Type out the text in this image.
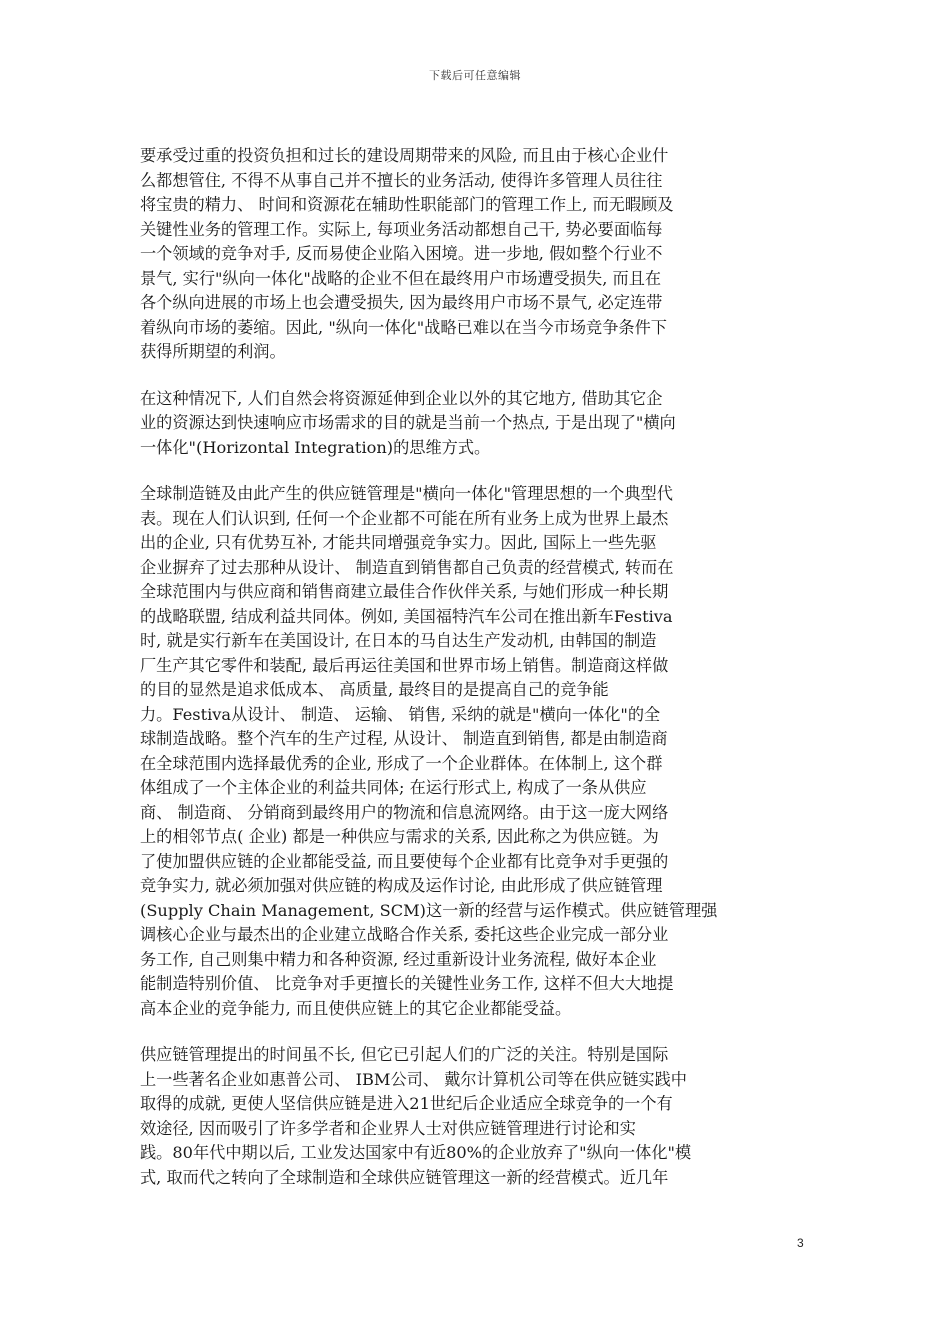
下载后可任意编辑
要承受过重的投资负担和过长的建设周期带来的风险, 而且由于核心企业什
么都想管住, 不得不从事自己并不擅长的业务活动, 使得许多管理人员往往
将宝贵的精力、 时间和资源花在辅助性职能部门的管理工作上, 而无暇顾及
关键性业务的管理工作。实际上, 每项业务活动都想自己干, 势必要面临每
一个领域的竞争对手, 反而易使企业陷入困境。进一步地, 假如整个行业不
景气, 实行"纵向一体化"战略的企业不但在最终用户市场遭受损失, 而且在
各个纵向进展的市场上也会遭受损失, 因为最终用户市场不景气, 必定连带
着纵向市场的萎缩。因此, "纵向一体化"战略已难以在当今市场竞争条件下
获得所期望的利润。
在这种情况下, 人们自然会将资源延伸到企业以外的其它地方, 借助其它企
业的资源达到快速响应市场需求的目的就是当前一个热点, 于是出现了"横向
一体化"(Horizontal Integration)的思维方式。
全球制造链及由此产生的供应链管理是"横向一体化"管理思想的一个典型代
表。现在人们认识到, 任何一个企业都不可能在所有业务上成为世界上最杰
出的企业, 只有优势互补, 才能共同增强竞争实力。因此, 国际上一些先驱
企业摒弃了过去那种从设计、 制造直到销售都自己负责的经营模式, 转而在
全球范围内与供应商和销售商建立最佳合作伙伴关系, 与她们形成一种长期
的战略联盟, 结成利益共同体。例如, 美国福特汽车公司在推出新车Festiva
时, 就是实行新车在美国设计, 在日本的马自达生产发动机, 由韩国的制造
厂生产其它零件和装配, 最后再运往美国和世界市场上销售。制造商这样做
的目的显然是追求低成本、 高质量, 最终目的是提高自己的竞争能
力。Festiva从设计、 制造、 运输、 销售, 采纳的就是"横向一体化"的全
球制造战略。整个汽车的生产过程, 从设计、 制造直到销售, 都是由制造商
在全球范围内选择最优秀的企业, 形成了一个企业群体。在体制上, 这个群
体组成了一个主体企业的利益共同体; 在运行形式上, 构成了一条从供应
商、 制造商、 分销商到最终用户的物流和信息流网络。由于这一庞大网络
上的相邻节点( 企业) 都是一种供应与需求的关系, 因此称之为供应链。为
了使加盟供应链的企业都能受益, 而且要使每个企业都有比竞争对手更强的
竞争实力, 就必须加强对供应链的构成及运作讨论, 由此形成了供应链管理
(Supply Chain Management, SCM)这一新的经营与运作模式。供应链管理强
调核心企业与最杰出的企业建立战略合作关系, 委托这些企业完成一部分业
务工作, 自己则集中精力和各种资源, 经过重新设计业务流程, 做好本企业
能制造特别价值、 比竞争对手更擅长的关键性业务工作, 这样不但大大地提
高本企业的竞争能力, 而且使供应链上的其它企业都能受益。
供应链管理提出的时间虽不长, 但它已引起人们的广泛的关注。特别是国际
上一些著名企业如惠普公司、 IBM公司、 戴尔计算机公司等在供应链实践中
取得的成就, 更使人坚信供应链是进入21世纪后企业适应全球竞争的一个有
效途径, 因而吸引了许多学者和企业界人士对供应链管理进行讨论和实
践。80年代中期以后, 工业发达国家中有近80%的企业放弃了"纵向一体化"模
式, 取而代之转向了全球制造和全球供应链管理这一新的经营模式。近几年
3
